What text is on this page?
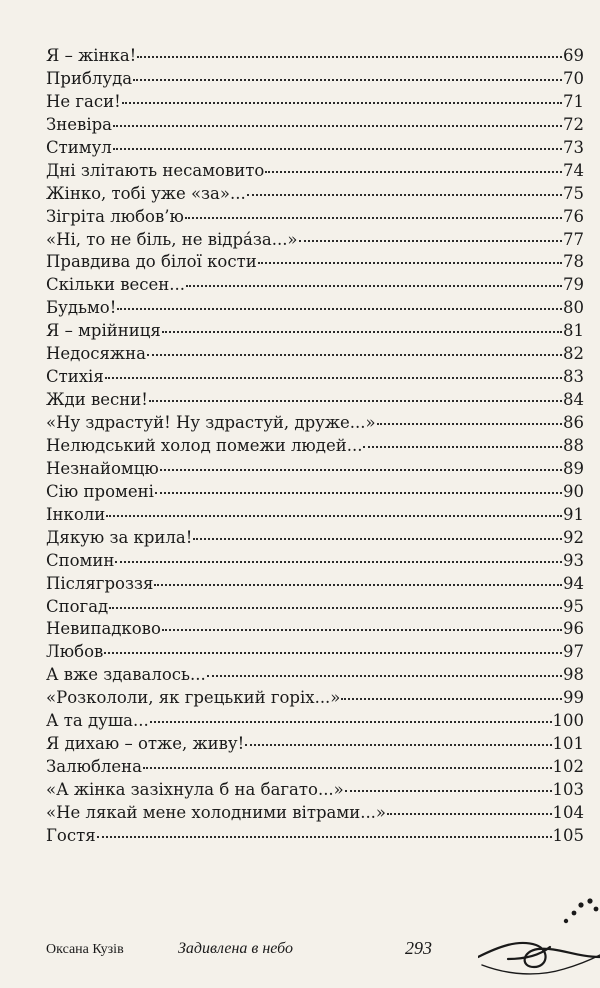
Я – жінка!	69
Приблуда	70
Не гаси!	71
Зневіра	72
Стимул	73
Дні злітають несамовито	74
Жінко, тобі уже «за»...	75
Зігріта любов’ю	76
«Ні, то не біль, не відра́за...»	77
Правдива до білої кости	78
Скільки весен...	79
Будьмо!	80
Я – мрійниця	81
Недосяжна	82
Стихія	83
Жди весни!	84
«Ну здрастуй! Ну здрастуй, друже...»	86
Нелюдський холод помежи людей...	88
Незнайомцю	89
Сію промені	90
Інколи	91
Дякую за крила!	92
Спомин	93
Післягроззя	94
Спогад	95
Невипадково	96
Любов	97
А вже здавалось...	98
«Розкололи, як грецький горіх...»	99
А та душа...	100
Я дихаю – отже, живу!	101
Залюблена	102
«А жінка зазіхнула б на багато...»	103
«Не лякай мене холодними вітрами...»	104
Гостя	105
Оксана Кузів	Задивлена в небо	293
